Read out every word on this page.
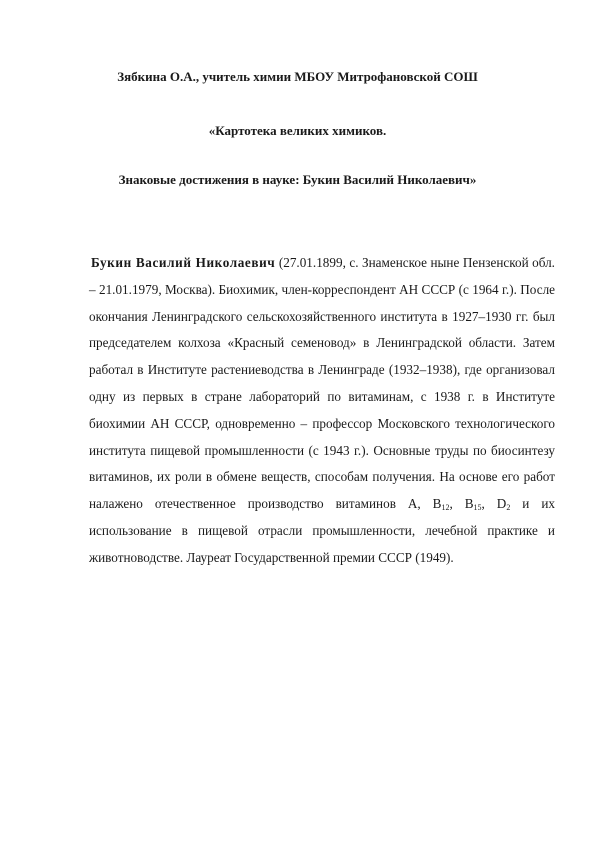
Зябкина О.А., учитель химии МБОУ Митрофановской СОШ

«Картотека великих химиков.

Знаковые достижения в науке: Букин Василий Николаевич»

Букин Василий Николаевич (27.01.1899, с. Знаменское ныне Пензенской обл. – 21.01.1979, Москва). Биохимик, член-корреспондент АН СССР (с 1964 г.). После окончания Ленинградского сельскохозяйственного института в 1927–1930 гг. был председателем колхоза «Красный семеновод» в Ленинградской области. Затем работал в Институте растениеводства в Ленинграде (1932–1938), где организовал одну из первых в стране лабораторий по витаминам, с 1938 г. в Институте биохимии АН СССР, одновременно – профессор Московского технологического института пищевой промышленности (с 1943 г.). Основные труды по биосинтезу витаминов, их роли в обмене веществ, способам получения. На основе его работ налажено отечественное производство витаминов А, $В_{12}$, $В_{15}$, $D_2$ и их использование в пищевой отрасли промышленности, лечебной практике и животноводстве. Лауреат Государственной премии СССР (1949).
